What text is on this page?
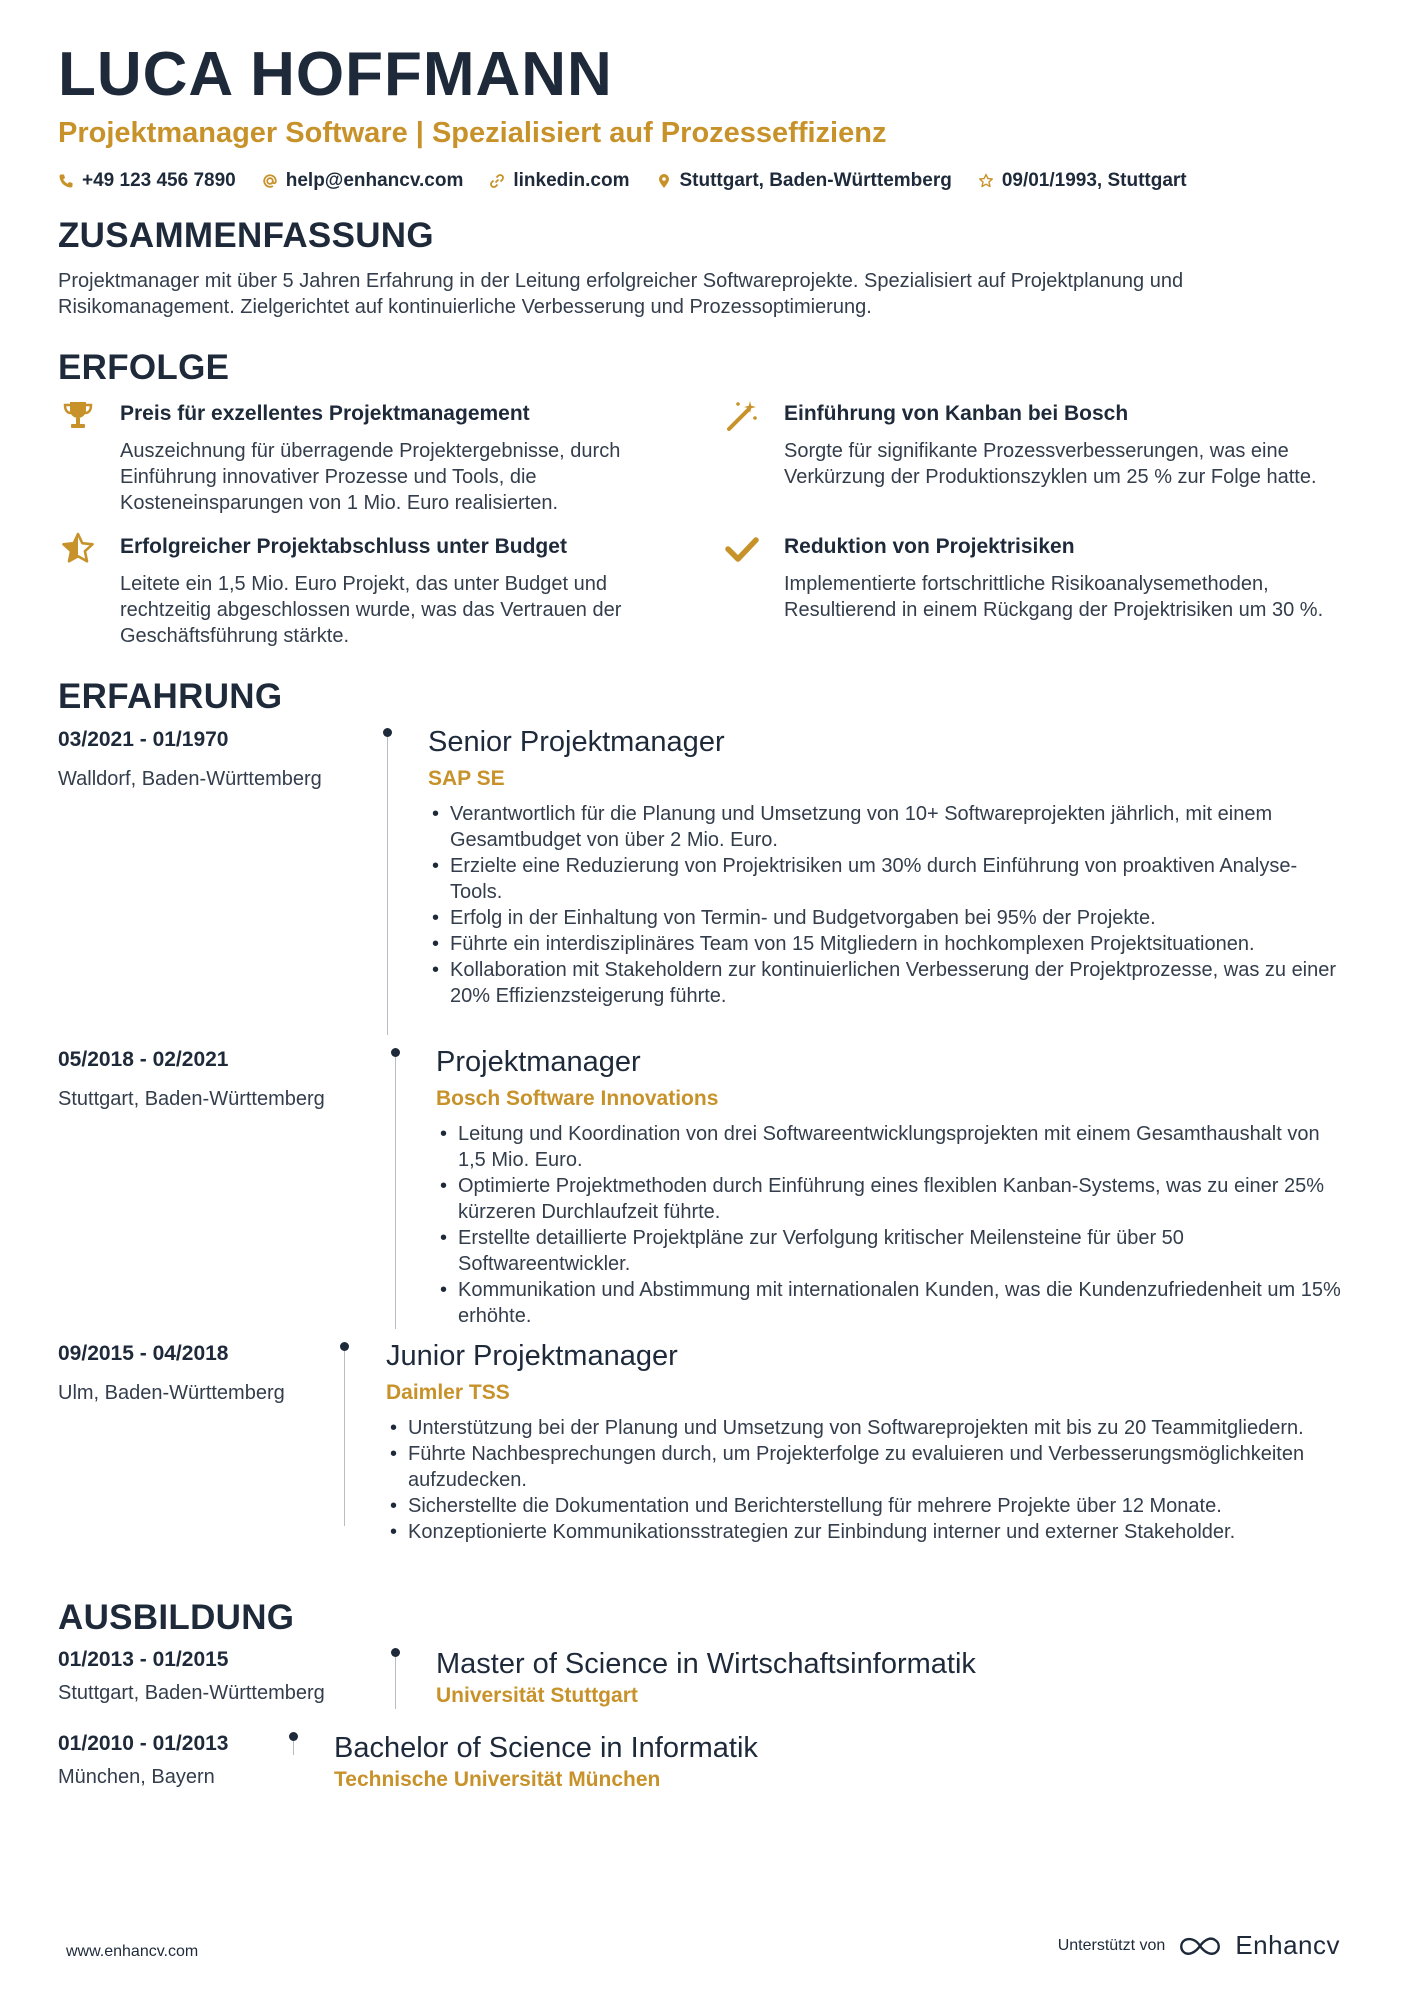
LUCA HOFFMANN
Projektmanager Software | Spezialisiert auf Prozesseffizienz
+49 123 456 7890	help@enhancv.com	linkedin.com	Stuttgart, Baden-Württemberg	09/01/1993, Stuttgart
ZUSAMMENFASSUNG
Projektmanager mit über 5 Jahren Erfahrung in der Leitung erfolgreicher Softwareprojekte. Spezialisiert auf Projektplanung und Risikomanagement. Zielgerichtet auf kontinuierliche Verbesserung und Prozessoptimierung.
ERFOLGE
Preis für exzellentes Projektmanagement
Auszeichnung für überragende Projektergebnisse, durch Einführung innovativer Prozesse und Tools, die Kosteneinsparungen von 1 Mio. Euro realisierten.
Einführung von Kanban bei Bosch
Sorgte für signifikante Prozessverbesserungen, was eine Verkürzung der Produktionszyklen um 25 % zur Folge hatte.
Erfolgreicher Projektabschluss unter Budget
Leitete ein 1,5 Mio. Euro Projekt, das unter Budget und rechtzeitig abgeschlossen wurde, was das Vertrauen der Geschäftsführung stärkte.
Reduktion von Projektrisiken
Implementierte fortschrittliche Risikoanalysemethoden, Resultierend in einem Rückgang der Projektrisiken um 30 %.
ERFAHRUNG
03/2021 - 01/1970
Walldorf, Baden-Württemberg
Senior Projektmanager
SAP SE
• Verantwortlich für die Planung und Umsetzung von 10+ Softwareprojekten jährlich, mit einem Gesamtbudget von über 2 Mio. Euro.
• Erzielte eine Reduzierung von Projektrisiken um 30% durch Einführung von proaktiven Analyse-Tools.
• Erfolg in der Einhaltung von Termin- und Budgetvorgaben bei 95% der Projekte.
• Führte ein interdisziplinäres Team von 15 Mitgliedern in hochkomplexen Projektsituationen.
• Kollaboration mit Stakeholdern zur kontinuierlichen Verbesserung der Projektprozesse, was zu einer 20% Effizienzsteigerung führte.
05/2018 - 02/2021
Stuttgart, Baden-Württemberg
Projektmanager
Bosch Software Innovations
• Leitung und Koordination von drei Softwareentwicklungsprojekten mit einem Gesamthaushalt von 1,5 Mio. Euro.
• Optimierte Projektmethoden durch Einführung eines flexiblen Kanban-Systems, was zu einer 25% kürzeren Durchlaufzeit führte.
• Erstellte detaillierte Projektpläne zur Verfolgung kritischer Meilensteine für über 50 Softwareentwickler.
• Kommunikation und Abstimmung mit internationalen Kunden, was die Kundenzufriedenheit um 15% erhöhte.
09/2015 - 04/2018
Ulm, Baden-Württemberg
Junior Projektmanager
Daimler TSS
• Unterstützung bei der Planung und Umsetzung von Softwareprojekten mit bis zu 20 Teammitgliedern.
• Führte Nachbesprechungen durch, um Projekterfolge zu evaluieren und Verbesserungsmöglichkeiten aufzudecken.
• Sicherstellte die Dokumentation und Berichterstellung für mehrere Projekte über 12 Monate.
• Konzeptionierte Kommunikationsstrategien zur Einbindung interner und externer Stakeholder.
AUSBILDUNG
01/2013 - 01/2015
Stuttgart, Baden-Württemberg
Master of Science in Wirtschaftsinformatik
Universität Stuttgart
01/2010 - 01/2013
München, Bayern
Bachelor of Science in Informatik
Technische Universität München
www.enhancv.com	Unterstützt von	Enhancv
